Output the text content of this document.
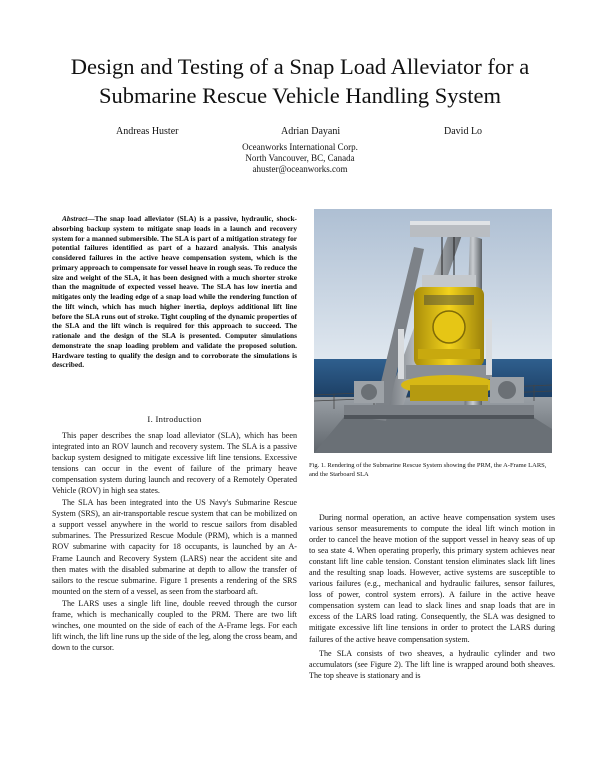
Design and Testing of a Snap Load Alleviator for a Submarine Rescue Vehicle Handling System
Andreas Huster	Adrian Dayani	David Lo
Oceanworks International Corp.
North Vancouver, BC, Canada
ahuster@oceanworks.com
Abstract—The snap load alleviator (SLA) is a passive, hydraulic, shock-absorbing backup system to mitigate snap loads in a launch and recovery system for a manned submersible. The SLA is part of a mitigation strategy for potential failures identified as part of a hazard analysis. This analysis considered failures in the active heave compensation system, which is the primary approach to compensate for vessel heave in rough seas. To reduce the size and weight of the SLA, it has been designed with a much shorter stroke than the magnitude of expected vessel heave. The SLA has low inertia and mitigates only the leading edge of a snap load while the rendering function of the lift winch, which has much higher inertia, deploys additional lift line before the SLA runs out of stroke. Tight coupling of the dynamic properties of the SLA and the lift winch is required for this approach to succeed. The rationale and the design of the SLA is presented. Computer simulations demonstrate the snap loading problem and validate the proposed solution. Hardware testing to qualify the design and to corroborate the simulations is described.
I. Introduction

This paper describes the snap load alleviator (SLA), which has been integrated into an ROV launch and recovery system. The SLA is a passive backup system designed to mitigate excessive lift line tensions. Excessive tensions can occur in the event of failure of the primary heave compensation system during launch and recovery of a Remotely Operated Vehicle (ROV) in high sea states.

The SLA has been integrated into the US Navy's Submarine Rescue System (SRS), an air-transportable rescue system that can be mobilized on a support vessel anywhere in the world to rescue sailors from disabled submarines. The Pressurized Rescue Module (PRM), which is a manned ROV submarine with capacity for 18 occupants, is launched by an A-Frame Launch and Recovery System (LARS) near the accident site and then mates with the disabled submarine at depth to allow the transfer of sailors to the rescue submarine. Figure 1 presents a rendering of the SRS mounted on the stern of a vessel, as seen from the starboard aft.

The LARS uses a single lift line, double reeved through the cursor frame, which is mechanically coupled to the PRM. There are two lift winches, one mounted on the side of each of the A-Frame legs. For each lift winch, the lift line runs up the side of the leg, along the cross beam, and down to the cursor.

Fig. 1. Rendering of the Submarine Rescue System showing the PRM, the A-Frame LARS, and the Starboard SLA

During normal operation, an active heave compensation system uses various sensor measurements to compute the ideal lift winch motion in order to cancel the heave motion of the support vessel in heavy seas of up to sea state 4. When operating properly, this primary system achieves near constant lift line cable tension. Constant tension eliminates slack lift lines and the resulting snap loads. However, active systems are susceptible to various failures (e.g., mechanical and hydraulic failures, sensor failures, loss of power, control system errors). A failure in the active heave compensation system can lead to slack lines and snap loads that are in excess of the LARS load rating. Consequently, the SLA was designed to mitigate excessive lift line tensions in order to protect the LARS during failures of the active heave compensation system.

The SLA consists of two sheaves, a hydraulic cylinder and two accumulators (see Figure 2). The lift line is wrapped around both sheaves. The top sheave is stationary and is
